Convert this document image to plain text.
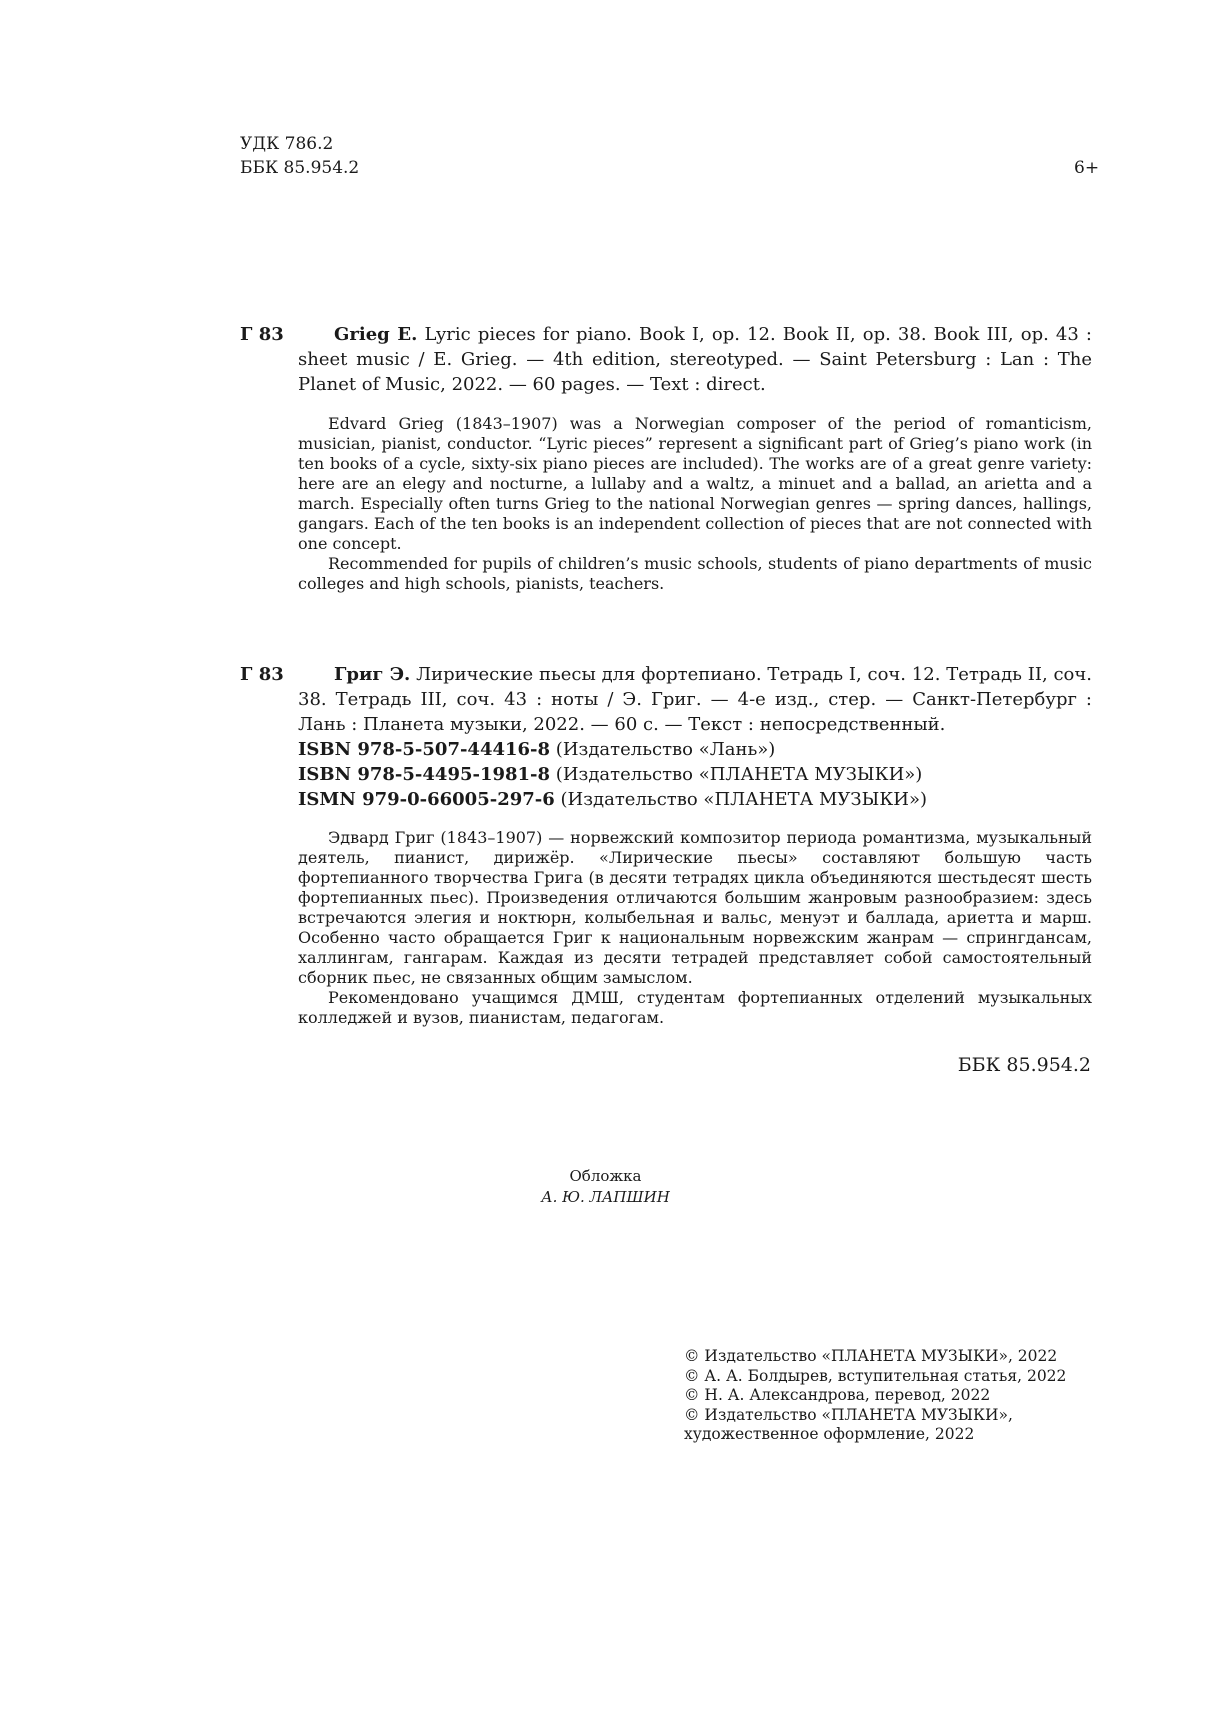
УДК 786.2
ББК 85.954.2	6+
Г 83	Grieg E. Lyric pieces for piano. Book I, op. 12. Book II, op. 38. Book III, op. 43 : sheet music / E. Grieg. — 4th edition, stereotyped. — Saint Petersburg : Lan : The Planet of Music, 2022. — 60 pages. — Text : direct.

Edvard Grieg (1843–1907) was a Norwegian composer of the period of romanticism, musician, pianist, conductor. “Lyric pieces” represent a significant part of Grieg’s piano work (in ten books of a cycle, sixty-six piano pieces are included). The works are of a great genre variety: here are an elegy and nocturne, a lullaby and a waltz, a minuet and a ballad, an arietta and a march. Especially often turns Grieg to the national Norwegian genres — spring dances, hallings, gangars. Each of the ten books is an independent collection of pieces that are not connected with one concept.

Recommended for pupils of children’s music schools, students of piano departments of music colleges and high schools, pianists, teachers.

Г 83	Григ Э. Лирические пьесы для фортепиано. Тетрадь I, соч. 12. Тетрадь II, соч. 38. Тетрадь III, соч. 43 : ноты / Э. Григ. — 4-е изд., стер. — Санкт-Петербург : Лань : Планета музыки, 2022. — 60 с. — Текст : непосредственный.
ISBN 978-5-507-44416-8 (Издательство «Лань»)
ISBN 978-5-4495-1981-8 (Издательство «ПЛАНЕТА МУЗЫКИ»)
ISMN 979-0-66005-297-6 (Издательство «ПЛАНЕТА МУЗЫКИ»)

Эдвард Григ (1843–1907) — норвежский композитор периода романтизма, музыкальный деятель, пианист, дирижёр. «Лирические пьесы» составляют большую часть фортепианного творчества Грига (в десяти тетрадях цикла объединяются шестьдесят шесть фортепианных пьес). Произведения отличаются большим жанровым разнообразием: здесь встречаются элегия и ноктюрн, колыбельная и вальс, менуэт и баллада, ариетта и марш. Особенно часто обращается Григ к национальным норвежским жанрам — спрингдансам, халлингам, гангарам. Каждая из десяти тетрадей представляет собой самостоятельный сборник пьес, не связанных общим замыслом.

Рекомендовано учащимся ДМШ, студентам фортепианных отделений музыкальных колледжей и вузов, пианистам, педагогам.

ББК 85.954.2
Обложка
А. Ю. ЛАПШИН
© Издательство «ПЛАНЕТА МУЗЫКИ», 2022
© А. А. Болдырев, вступительная статья, 2022
© Н. А. Александрова, перевод, 2022
© Издательство «ПЛАНЕТА МУЗЫКИ», художественное оформление, 2022
